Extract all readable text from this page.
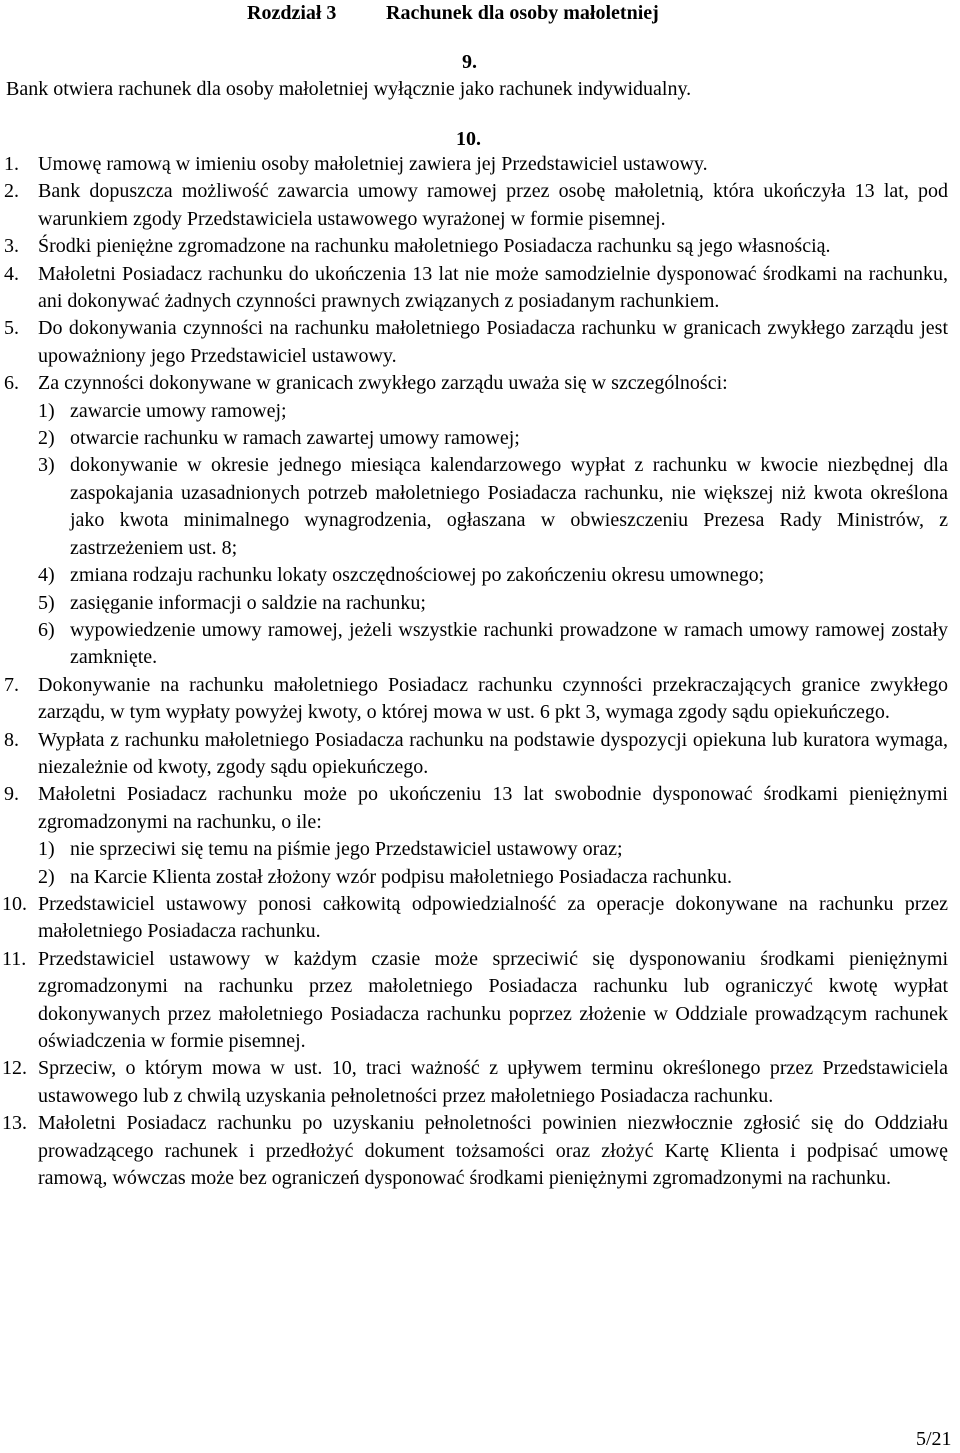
Rozdział 3 Rachunek dla osoby małoletniej
9.
Bank otwiera rachunek dla osoby małoletniej wyłącznie jako rachunek indywidualny.
10.
1. Umowę ramową w imieniu osoby małoletniej zawiera jej Przedstawiciel ustawowy.
2. Bank dopuszcza możliwość zawarcia umowy ramowej przez osobę małoletnią, która ukończyła 13 lat, pod warunkiem zgody Przedstawiciela ustawowego wyrażonej w formie pisemnej.
3. Środki pieniężne zgromadzone na rachunku małoletniego Posiadacza rachunku są jego własnością.
4. Małoletni Posiadacz rachunku do ukończenia 13 lat nie może samodzielnie dysponować środkami na rachunku, ani dokonywać żadnych czynności prawnych związanych z posiadanym rachunkiem.
5. Do dokonywania czynności na rachunku małoletniego Posiadacza rachunku w granicach zwykłego zarządu jest upoważniony jego Przedstawiciel ustawowy.
6. Za czynności dokonywane w granicach zwykłego zarządu uważa się w szczególności:
1) zawarcie umowy ramowej;
2) otwarcie rachunku w ramach zawartej umowy ramowej;
3) dokonywanie w okresie jednego miesiąca kalendarzowego wypłat z rachunku w kwocie niezbędnej dla zaspokajania uzasadnionych potrzeb małoletniego Posiadacza rachunku, nie większej niż kwota określona jako kwota minimalnego wynagrodzenia, ogłaszana w obwieszczeniu Prezesa Rady Ministrów, z zastrzeżeniem ust. 8;
4) zmiana rodzaju rachunku lokaty oszczędnościowej po zakończeniu okresu umownego;
5) zasięganie informacji o saldzie na rachunku;
6) wypowiedzenie umowy ramowej, jeżeli wszystkie rachunki prowadzone w ramach umowy ramowej zostały zamknięte.
7. Dokonywanie na rachunku małoletniego Posiadacz rachunku czynności przekraczających granice zwykłego zarządu, w tym wypłaty powyżej kwoty, o której mowa w ust. 6 pkt 3, wymaga zgody sądu opiekuńczego.
8. Wypłata z rachunku małoletniego Posiadacza rachunku na podstawie dyspozycji opiekuna lub kuratora wymaga, niezależnie od kwoty, zgody sądu opiekuńczego.
9. Małoletni Posiadacz rachunku może po ukończeniu 13 lat swobodnie dysponować środkami pieniężnymi zgromadzonymi na rachunku, o ile:
1) nie sprzeciwi się temu na piśmie jego Przedstawiciel ustawowy oraz;
2) na Karcie Klienta został złożony wzór podpisu małoletniego Posiadacza rachunku.
10. Przedstawiciel ustawowy ponosi całkowitą odpowiedzialność za operacje dokonywane na rachunku przez małoletniego Posiadacza rachunku.
11. Przedstawiciel ustawowy w każdym czasie może sprzeciwić się dysponowaniu środkami pieniężnymi zgromadzonymi na rachunku przez małoletniego Posiadacza rachunku lub ograniczyć kwotę wypłat dokonywanych przez małoletniego Posiadacza rachunku poprzez złożenie w Oddziale prowadzącym rachunek oświadczenia w formie pisemnej.
12. Sprzeciw, o którym mowa w ust. 10, traci ważność z upływem terminu określonego przez Przedstawiciela ustawowego lub z chwilą uzyskania pełnoletności przez małoletniego Posiadacza rachunku.
13. Małoletni Posiadacz rachunku po uzyskaniu pełnoletności powinien niezwłocznie zgłosić się do Oddziału prowadzącego rachunek i przedłożyć dokument tożsamości oraz złożyć Kartę Klienta i podpisać umowę ramową, wówczas może bez ograniczeń dysponować środkami pieniężnymi zgromadzonymi na rachunku.
5/21
